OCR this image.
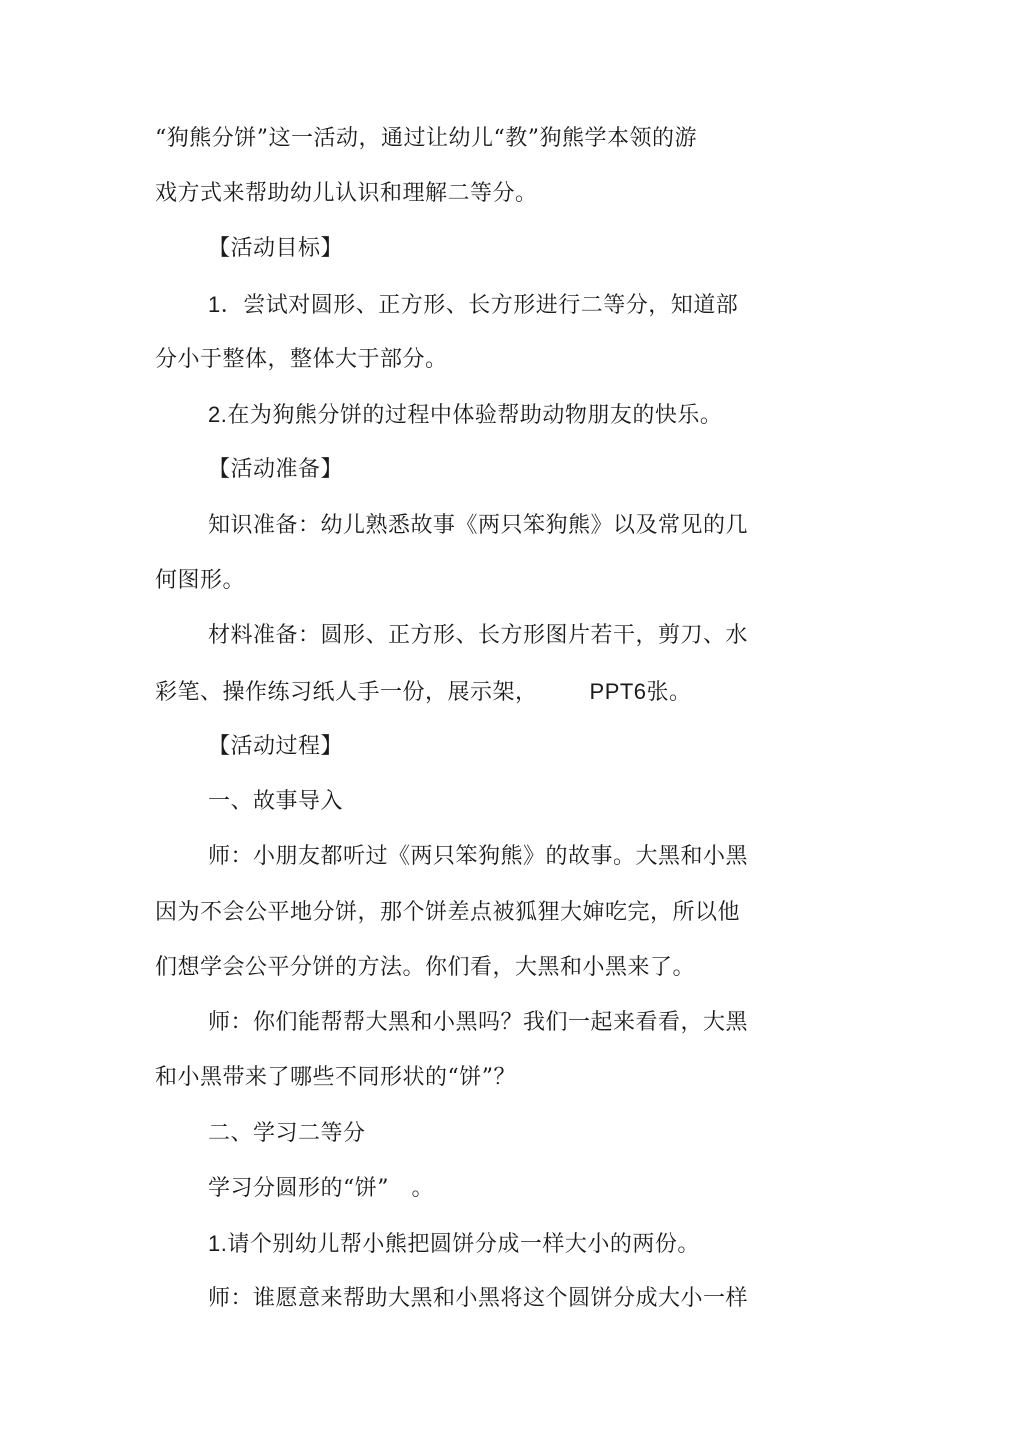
“狗熊分饼”这一活动，通过让幼儿“教”狗熊学本领的游
戏方式来帮助幼儿认识和理解二等分。
【活动目标】
1．尝试对圆形、正方形、长方形进行二等分，知道部
分小于整体，整体大于部分。
2.在为狗熊分饼的过程中体验帮助动物朋友的快乐。
【活动准备】
知识准备：幼儿熟悉故事《两只笨狗熊》以及常见的几
何图形。
材料准备：圆形、正方形、长方形图片若干，剪刀、水
彩笔、操作练习纸人手一份，展示架， PPT6张。
【活动过程】
一、故事导入
师：小朋友都听过《两只笨狗熊》的故事。大黑和小黑
因为不会公平地分饼，那个饼差点被狐狸大婶吃完，所以他
们想学会公平分饼的方法。你们看，大黑和小黑来了。
师：你们能帮帮大黑和小黑吗？我们一起来看看，大黑
和小黑带来了哪些不同形状的“饼”？
二、学习二等分
学习分圆形的“饼”　。
1.请个别幼儿帮小熊把圆饼分成一样大小的两份。
师：谁愿意来帮助大黑和小黑将这个圆饼分成大小一样
